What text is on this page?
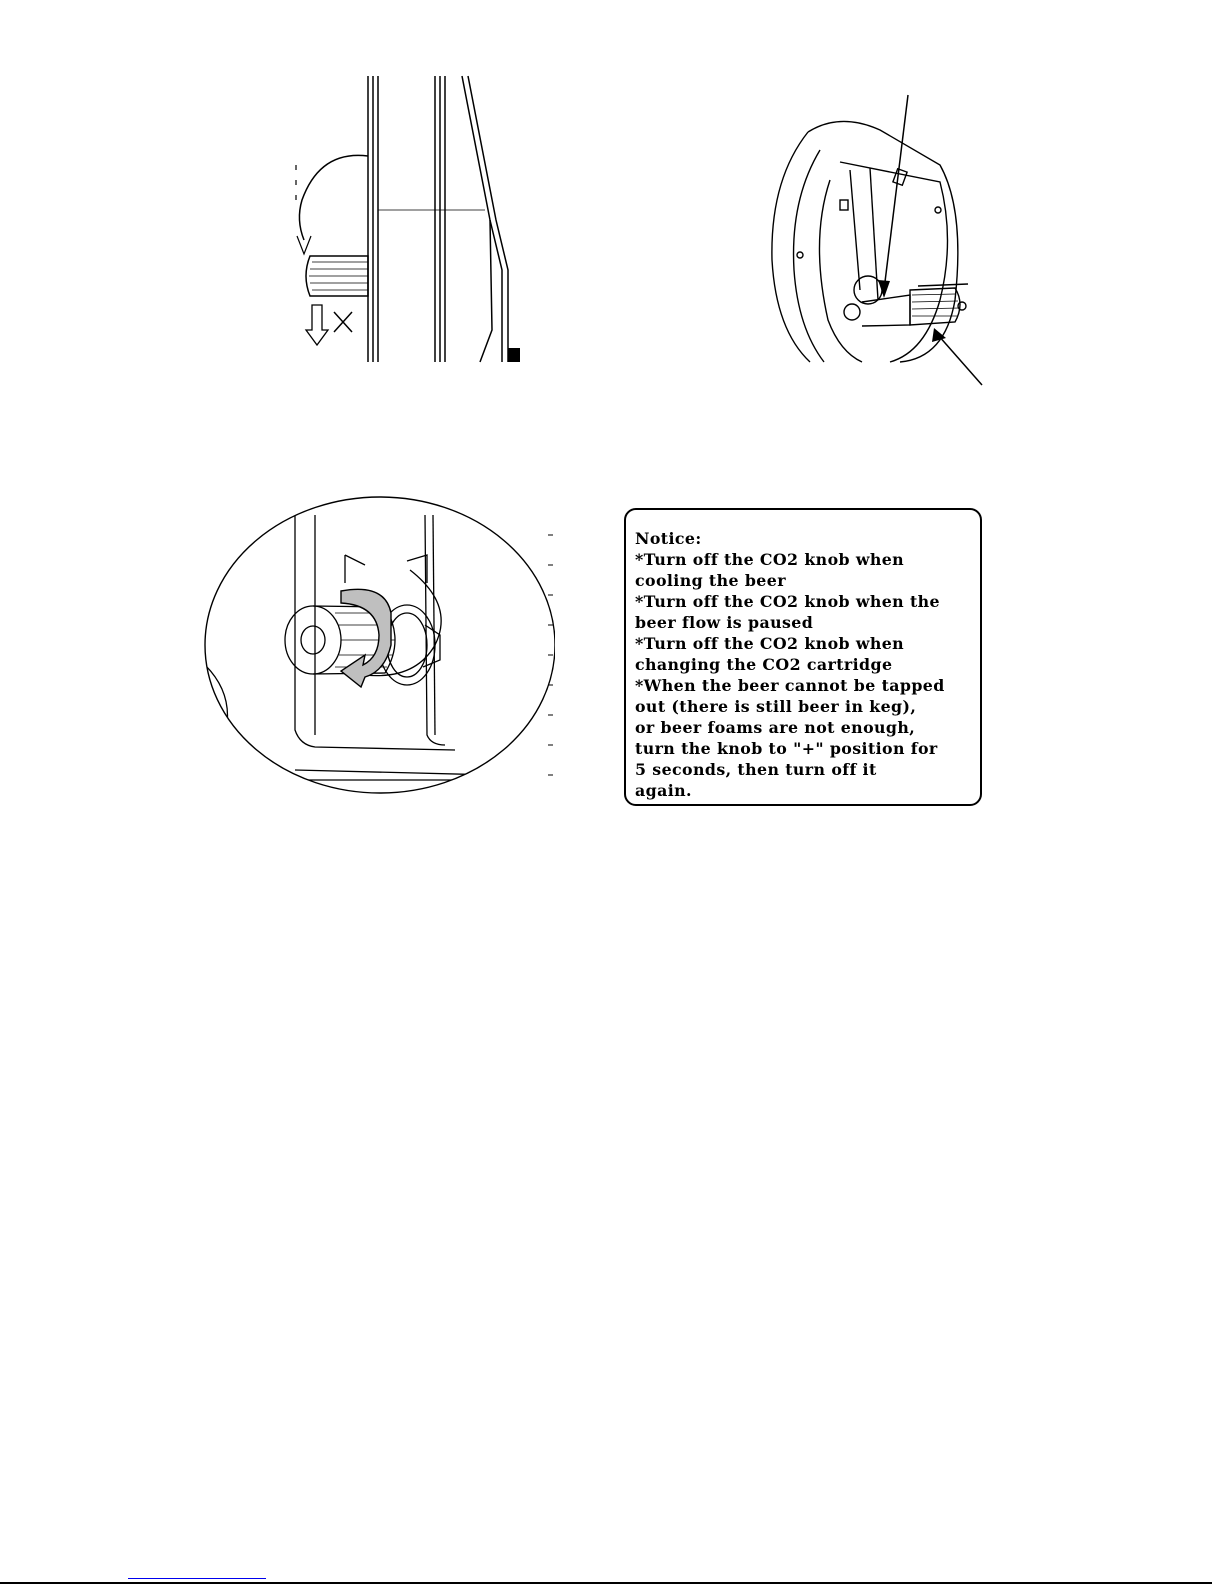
Notice:
*Turn off the CO2 knob when
cooling the beer
*Turn off the CO2 knob when the
beer flow is paused
*Turn off the CO2 knob when
changing the CO2 cartridge
*When the beer cannot be tapped
out (there is still beer in keg),
or beer foams are not enough,
turn the knob to "+" position for
5 seconds, then turn off it
again.
